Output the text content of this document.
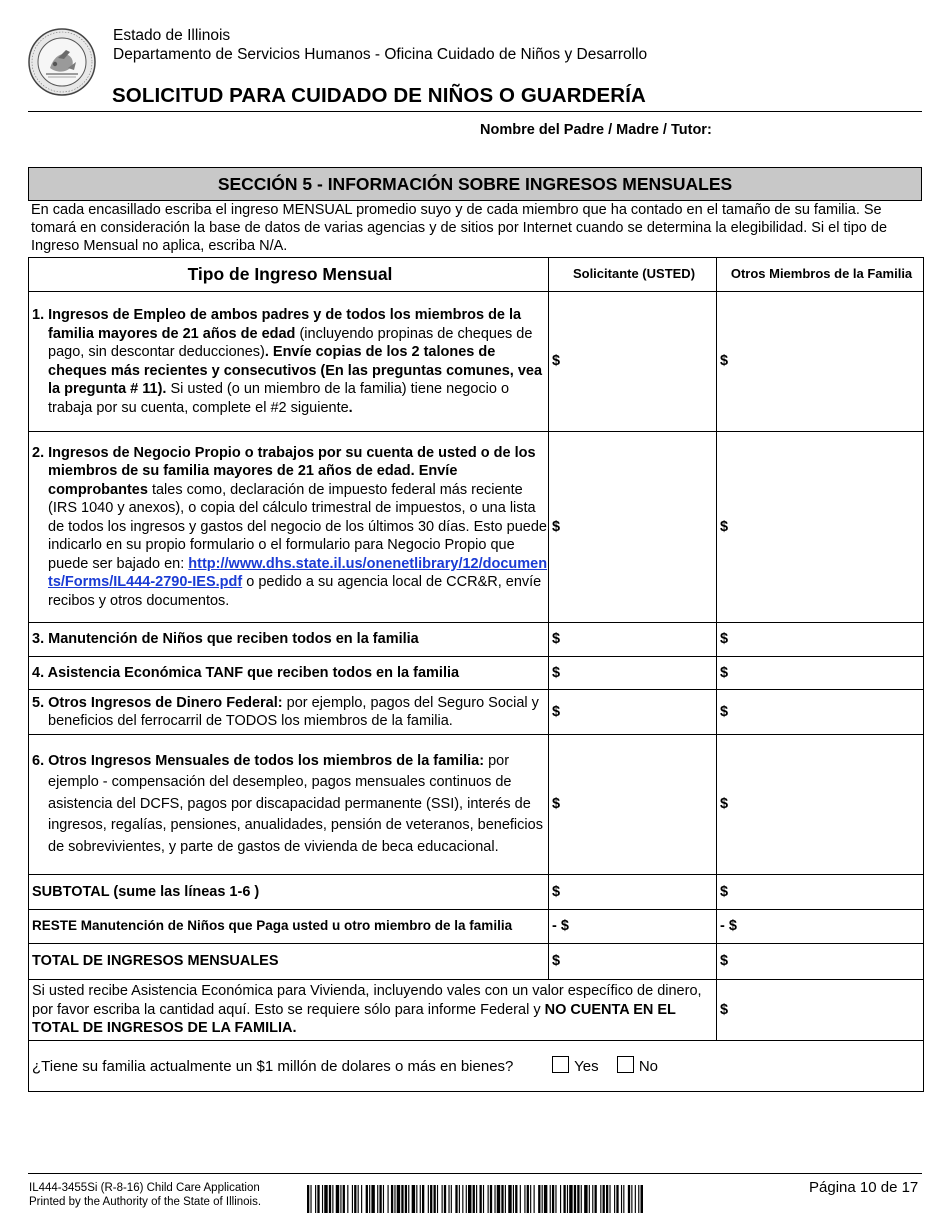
Estado de Illinois
Departamento de Servicios Humanos - Oficina Cuidado de Niños y Desarrollo
SOLICITUD PARA CUIDADO DE NIÑOS O GUARDERÍA
Nombre del Padre / Madre / Tutor:
SECCIÓN 5 - INFORMACIÓN SOBRE INGRESOS MENSUALES
En cada encasillado escriba el ingreso MENSUAL promedio suyo y de cada miembro que ha contado en el tamaño de su familia. Se tomará en consideración la base de datos de varias agencias y de sitios por Internet cuando se determina la elegibilidad. Si el tipo de Ingreso Mensual no aplica, escriba N/A.
Tipo de Ingreso Mensual	Solicitante (USTED)	Otros Miembros de la Familia

1. Ingresos de Empleo de ambos padres y de todos los miembros de la familia mayores de 21 años de edad (incluyendo propinas de cheques de pago, sin descontar deducciones). Envíe copias de los 2 talones de cheques más recientes y consecutivos (En las preguntas comunes, vea la pregunta # 11). Si usted (o un miembro de la familia) tiene negocio o trabaja por su cuenta, complete el #2 siguiente.	$	$

2. Ingresos de Negocio Propio o trabajos por su cuenta de usted o de los miembros de su familia mayores de 21 años de edad. Envíe comprobantes tales como, declaración de impuesto federal más reciente (IRS 1040 y anexos), o copia del cálculo trimestral de impuestos, o una lista de todos los ingresos y gastos del negocio de los últimos 30 días. Esto puede indicarlo en su propio formulario o el formulario para Negocio Propio que puede ser bajado en: http://www.dhs.state.il.us/onenetlibrary/12/documents/Forms/IL444-2790-IES.pdf o pedido a su agencia local de CCR&R, envíe recibos y otros documentos.	$	$
3. Manutención de Niños que reciben todos en la familia	$	$
4. Asistencia Económica TANF que reciben todos en la familia	$	$

5. Otros Ingresos de Dinero Federal: por ejemplo, pagos del Seguro Social y beneficios del ferrocarril de TODOS los miembros de la familia.	$	$

6. Otros Ingresos Mensuales de todos los miembros de la familia: por ejemplo - compensación del desempleo, pagos mensuales continuos de asistencia del DCFS, pagos por discapacidad permanente (SSI), interés de ingresos, regalías, pensiones, anualidades, pensión de veteranos, beneficios de sobrevivientes, y parte de gastos de vivienda de beca educacional.	$	$
SUBTOTAL (sume las líneas 1-6 )	$	$
RESTE Manutención de Niños que Paga usted u otro miembro de la familia	- $	- $
TOTAL DE INGRESOS MENSUALES	$	$
Si usted recibe Asistencia Económica para Vivienda, incluyendo vales con un valor específico de dinero, por favor escriba la cantidad aquí. Esto se requiere sólo para informe Federal y NO CUENTA EN EL TOTAL DE INGRESOS DE LA FAMILIA.		$
¿Tiene su familia actualmente un $1 millón de dolares o más en bienes? Yes No		
IL444-3455Si (R-8-16) Child Care Application
Printed by the Authority of the State of Illinois.
Página 10 de 17
